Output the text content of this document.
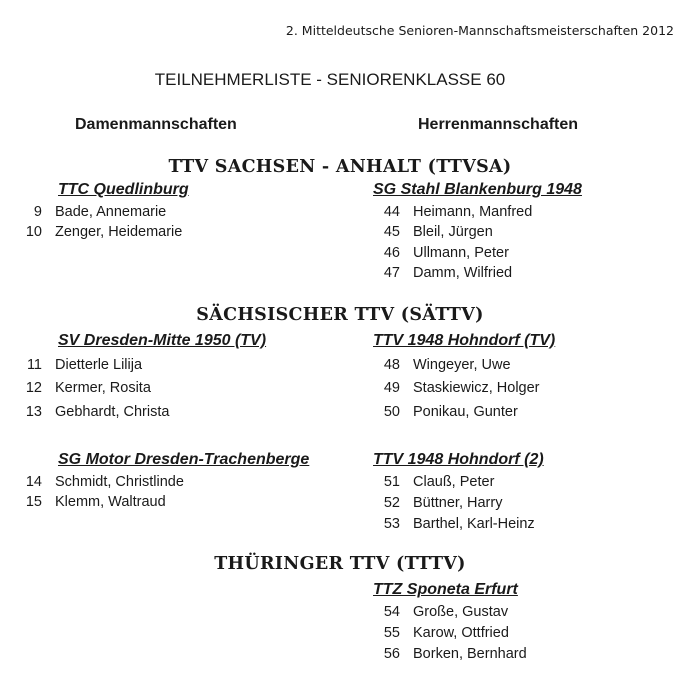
2. Mitteldeutsche Senioren-Mannschaftsmeisterschaften 2012
TEILNEHMERLISTE - SENIORENKLASSE 60
Damenmannschaften	Herrenmannschaften
TTV SACHSEN - ANHALT (TTVSA)
TTC Quedlinburg	SG Stahl Blankenburg 1948
9 Bade, Annemarie
10 Zenger, Heidemarie
44 Heimann, Manfred
45 Bleil, Jürgen
46 Ullmann, Peter
47 Damm, Wilfried
SÄCHSISCHER TTV (SÄTTV)
SV Dresden-Mitte 1950 (TV)	TTV 1948 Hohndorf (TV)
11 Dietterle Lilija
12 Kermer, Rosita
13 Gebhardt, Christa
48 Wingeyer, Uwe
49 Staskiewicz, Holger
50 Ponikau, Gunter
SG Motor Dresden-Trachenberge	TTV 1948 Hohndorf (2)
14 Schmidt, Christlinde
15 Klemm, Waltraud
51 Clauß, Peter
52 Büttner, Harry
53 Barthel, Karl-Heinz
THÜRINGER TTV (TTTV)
TTZ Sponeta Erfurt
54 Große, Gustav
55 Karow, Ottfried
56 Borken, Bernhard
